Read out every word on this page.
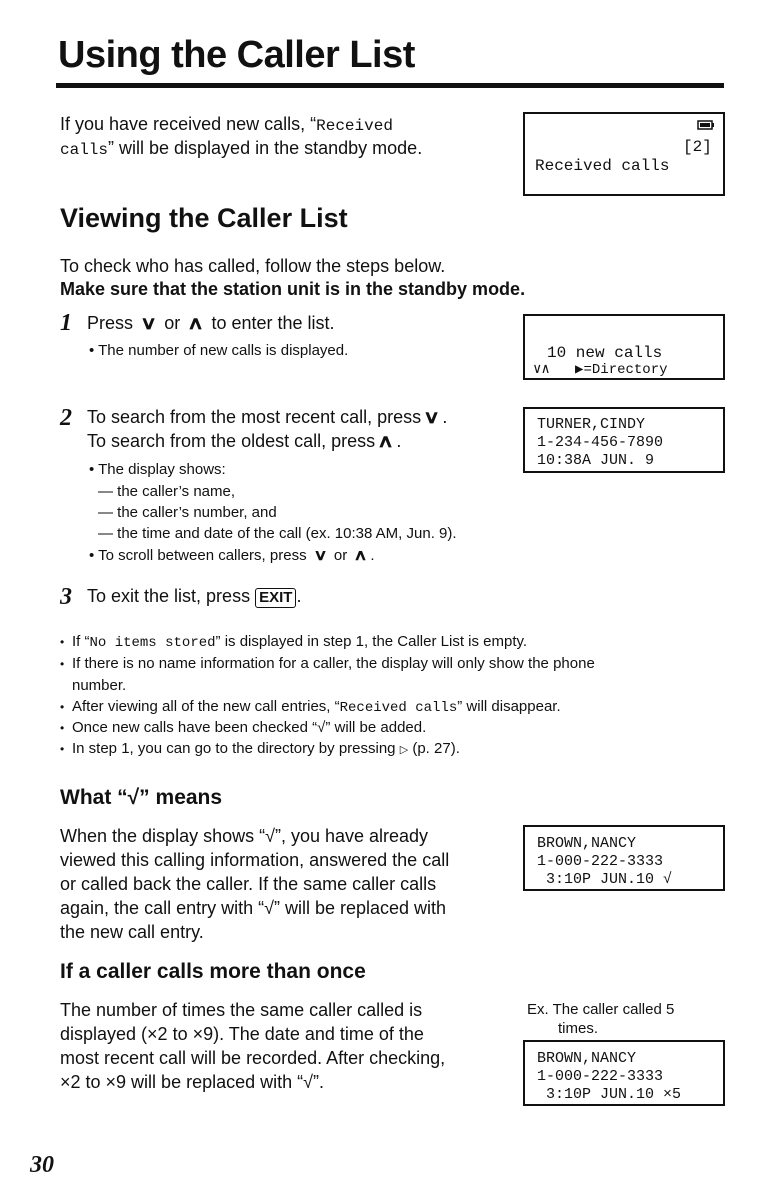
Using the Caller List
If you have received new calls, “Received
calls” will be displayed in the standby mode.	[2]
Received calls
Viewing the Caller List
To check who has called, follow the steps below.
Make sure that the station unit is in the standby mode.
1 Press ∨ or ∧ to enter the list.
• The number of new calls is displayed.	10 new calls
∨∧   ▶=Directory
2 To search from the most recent call, press ∨ .
To search from the oldest call, press ∧ .
• The display shows:
— the caller’s name,
— the caller’s number, and
— the time and date of the call (ex. 10:38 AM, Jun. 9).
• To scroll between callers, press ∨ or ∧ .
TURNER,CINDY
1-234-456-7890
10:38A JUN. 9
3 To exit the list, press EXIT .
• If “No items stored” is displayed in step 1, the Caller List is empty.
• If there is no name information for a caller, the display will only show the phone
number.
• After viewing all of the new call entries, “Received calls” will disappear.
• Once new calls have been checked “√” will be added.
• In step 1, you can go to the directory by pressing ▷ (p. 27).
What “√” means
When the display shows “√”, you have already
viewed this calling information, answered the call
or called back the caller. If the same caller calls
again, the call entry with “√” will be replaced with
the new call entry.
BROWN,NANCY
1-000-222-3333
3:10P JUN.10 √
If a caller calls more than once
The number of times the same caller called is
displayed (×2 to ×9). The date and time of the
most recent call will be recorded. After checking,
×2 to ×9 will be replaced with “√”.
Ex. The caller called 5
times.
BROWN,NANCY
1-000-222-3333
3:10P JUN.10 ×5
30
